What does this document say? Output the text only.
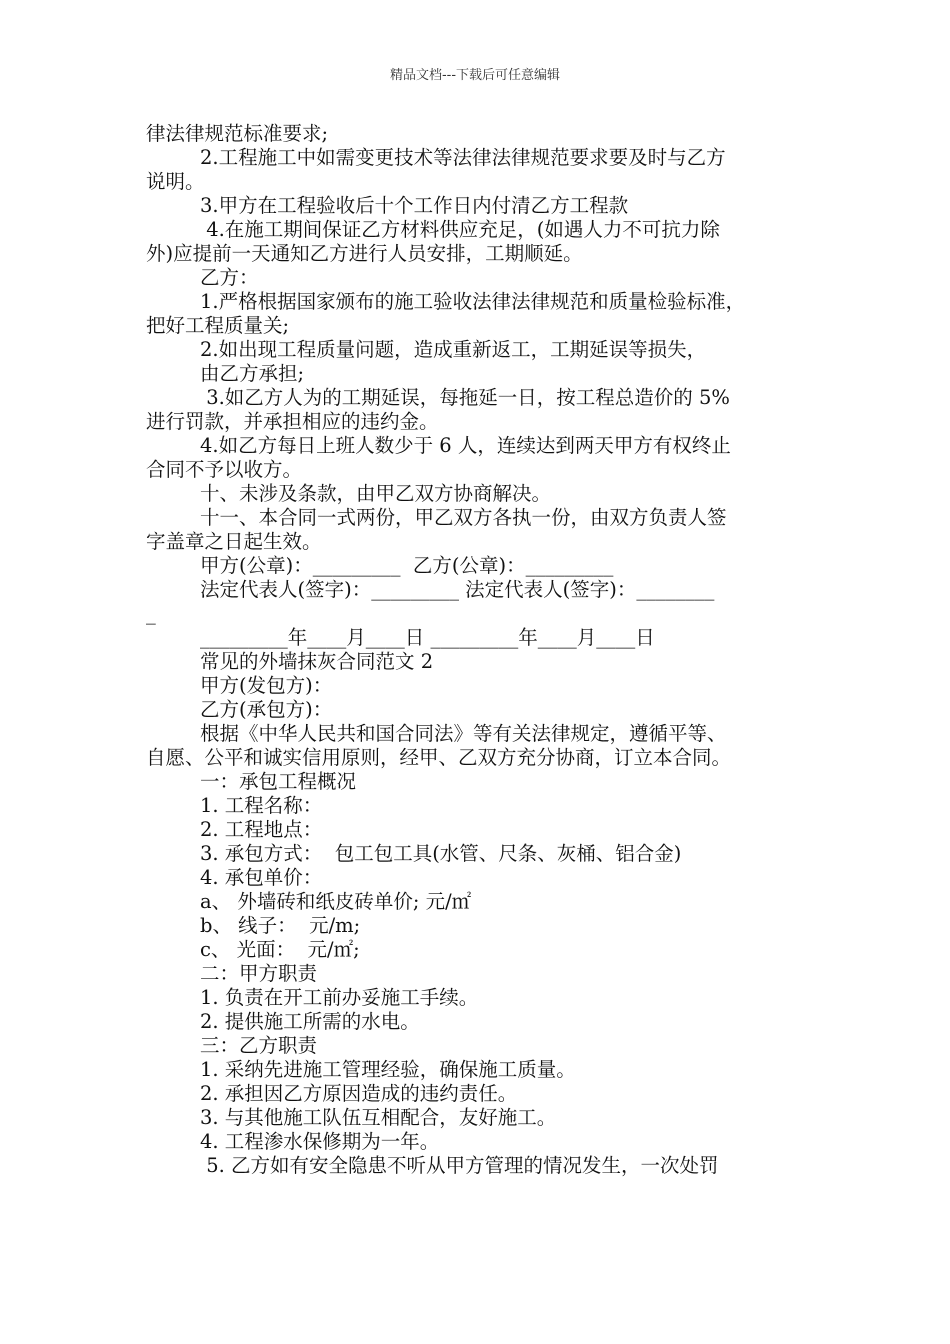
精品文档---下载后可任意编辑
律法律规范标准要求;
2.工程施工中如需变更技术等法律法律规范要求要及时与乙方
说明。
3.甲方在工程验收后十个工作日内付清乙方工程款
4.在施工期间保证乙方材料供应充足，(如遇人力不可抗力除
外)应提前一天通知乙方进行人员安排，工期顺延。
乙方：
1.严格根据国家颁布的施工验收法律法律规范和质量检验标准，
把好工程质量关;
2.如出现工程质量问题，造成重新返工，工期延误等损失，
由乙方承担;
3.如乙方人为的工期延误，每拖延一日，按工程总造价的 5%
进行罚款，并承担相应的违约金。
4.如乙方每日上班人数少于 6 人，连续达到两天甲方有权终止
合同不予以收方。
十、未涉及条款，由甲乙双方协商解决。
十一、本合同一式两份，甲乙双方各执一份，由双方负责人签
字盖章之日起生效。
甲方(公章)：_________  乙方(公章)：_________
法定代表人(签字)：_________ 法定代表人(签字)：________
_
_________年____月____日 _________年____月____日
常见的外墙抹灰合同范文 2
甲方(发包方)：
乙方(承包方)：
根据《中华人民共和国合同法》等有关法律规定，遵循平等、
自愿、公平和诚实信用原则，经甲、乙双方充分协商，订立本合同。
一：承包工程概况
1. 工程名称：
2. 工程地点：
3. 承包方式：  包工包工具(水管、尺条、灰桶、铝合金)
4. 承包单价：
a、 外墙砖和纸皮砖单价; 元/㎡
b、 线子：  元/m;
c、 光面：  元/㎡;
二：甲方职责
1. 负责在开工前办妥施工手续。
2. 提供施工所需的水电。
三：乙方职责
1. 采纳先进施工管理经验，确保施工质量。
2. 承担因乙方原因造成的违约责任。
3. 与其他施工队伍互相配合，友好施工。
4. 工程渗水保修期为一年。
5. 乙方如有安全隐患不听从甲方管理的情况发生，一次处罚
